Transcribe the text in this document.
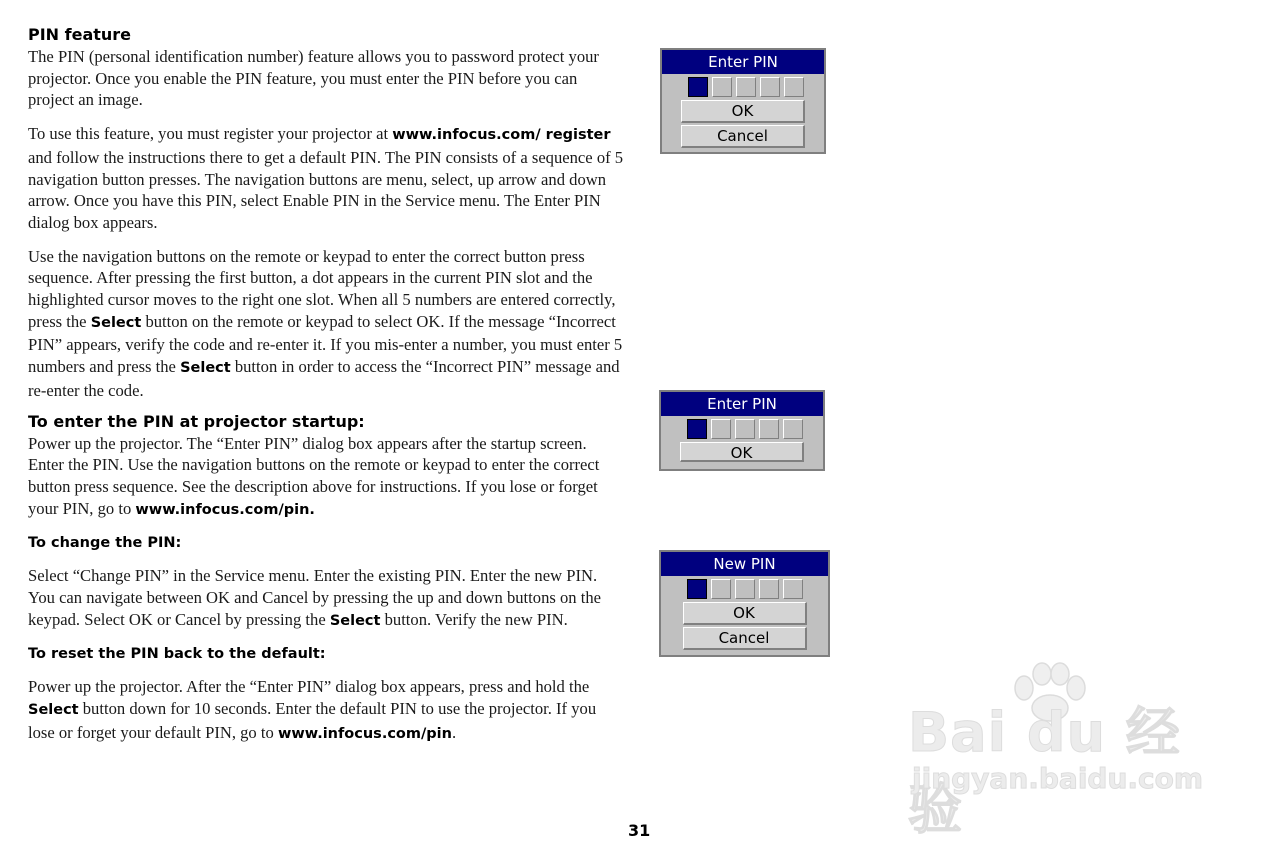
PIN feature

The PIN (personal identification number) feature allows you to password protect your projector. Once you enable the PIN feature, you must enter the PIN before you can project an image.

To use this feature, you must register your projector at www.infocus.com/ register and follow the instructions there to get a default PIN. The PIN consists of a sequence of 5 navigation button presses. The navigation buttons are menu, select, up arrow and down arrow. Once you have this PIN, select Enable PIN in the Service menu. The Enter PIN dialog box appears.

Use the navigation buttons on the remote or keypad to enter the correct button press sequence. After pressing the first button, a dot appears in the current PIN slot and the highlighted cursor moves to the right one slot. When all 5 numbers are entered correctly, press the Select button on the remote or keypad to select OK. If the message “Incorrect PIN” appears, verify the code and re-enter it. If you mis-enter a number, you must enter 5 numbers and press the Select button in order to access the “Incorrect PIN” message and re-enter the code.

To enter the PIN at projector startup:

Power up the projector. The “Enter PIN” dialog box appears after the startup screen. Enter the PIN. Use the navigation buttons on the remote or keypad to enter the correct button press sequence. See the description above for instructions. If you lose or forget your PIN, go to www.infocus.com/pin.

To change the PIN:

Select “Change PIN” in the Service menu. Enter the existing PIN. Enter the new PIN. You can navigate between OK and Cancel by pressing the up and down buttons on the keypad. Select OK or Cancel by pressing the Select button. Verify the new PIN.

To reset the PIN back to the default:

Power up the projector. After the “Enter PIN” dialog box appears, press and hold the Select button down for 10 seconds. Enter the default PIN to use the projector. If you lose or forget your default PIN, go to www.infocus.com/pin.

Enter PIN
OK
Cancel
Enter PIN
OK
New PIN
OK
Cancel
31
Bai du 经验
jingyan.baidu.com
